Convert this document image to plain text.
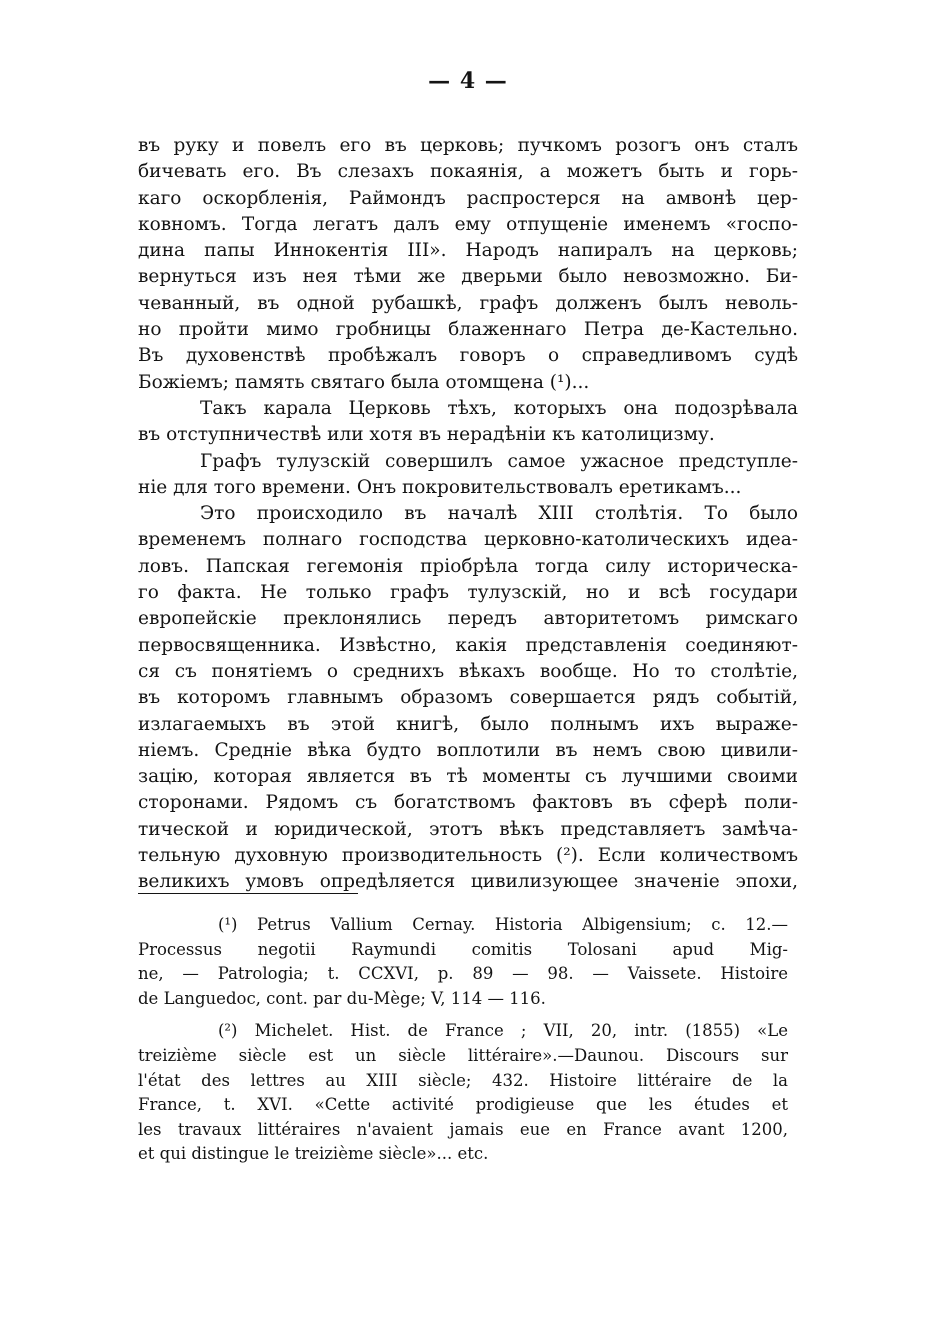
— 4 —
въ руку и повелъ его въ церковь; пучкомъ розогъ онъ сталъ
бичевать его. Въ слезахъ покаянія, а можетъ быть и горь-
каго оскорбленія, Раймондъ распростерся на амвонѣ цер-
ковномъ. Тогда легатъ далъ ему отпущеніе именемъ «госпо-
дина папы Иннокентія III». Народъ напиралъ на церковь;
вернуться изъ нея тѣми же дверьми было невозможно. Би-
чеванный, въ одной рубашкѣ, графъ долженъ былъ неволь-
но пройти мимо гробницы блаженнаго Петра де-Кастельно.
Въ духовенствѣ пробѣжалъ говоръ о справедливомъ судѣ
Божіемъ; память святаго была отомщена (¹)...
Такъ карала Церковь тѣхъ, которыхъ она подозрѣвала
въ отступничествѣ или хотя въ нерадѣніи къ католицизму.
Графъ тулузскій совершилъ самое ужасное предступле-
ніе для того времени. Онъ покровительствовалъ еретикамъ...
Это происходило въ началѣ XIII столѣтія. То было
временемъ полнаго господства церковно-католическихъ идеа-
ловъ. Папская гегемонія пріобрѣла тогда силу историческа-
го факта. Не только графъ тулузскій, но и всѣ государи
европейскіе преклонялись передъ авторитетомъ римскаго
первосвященника. Извѣстно, какія представленія соединяют-
ся съ понятіемъ о среднихъ вѣкахъ вообще. Но то столѣтіе,
въ которомъ главнымъ образомъ совершается рядъ событій,
излагаемыхъ въ этой книгѣ, было полнымъ ихъ выраже-
ніемъ. Средніе вѣка будто воплотили въ немъ свою цивили-
зацію, которая является въ тѣ моменты съ лучшими своими
сторонами. Рядомъ съ богатствомъ фактовъ въ сферѣ поли-
тической и юридической, этотъ вѣкъ представляетъ замѣча-
тельную духовную производительность (²). Если количествомъ
великихъ умовъ опредѣляется цивилизующее значеніе эпохи,
(¹) Petrus Vallium Cernay. Historia Albigensium; c. 12.—
Processus negotii Raymundi comitis Tolosani apud Mig-
ne, — Patrologia; t. CCXVI, p. 89 — 98. — Vaissete. Histoire
de Languedoc, cont. par du-Mège; V, 114 — 116.
(²) Michelet. Hist. de France ; VII, 20, intr. (1855) «Le
treizième siècle est un siècle littéraire».—Daunou. Discours sur
l'état des lettres au XIII siècle; 432. Histoire littéraire de la
France, t. XVI. «Cette activité prodigieuse que les études et
les travaux littéraires n'avaient jamais eue en France avant 1200,
et qui distingue le treizième siècle»... etc.
